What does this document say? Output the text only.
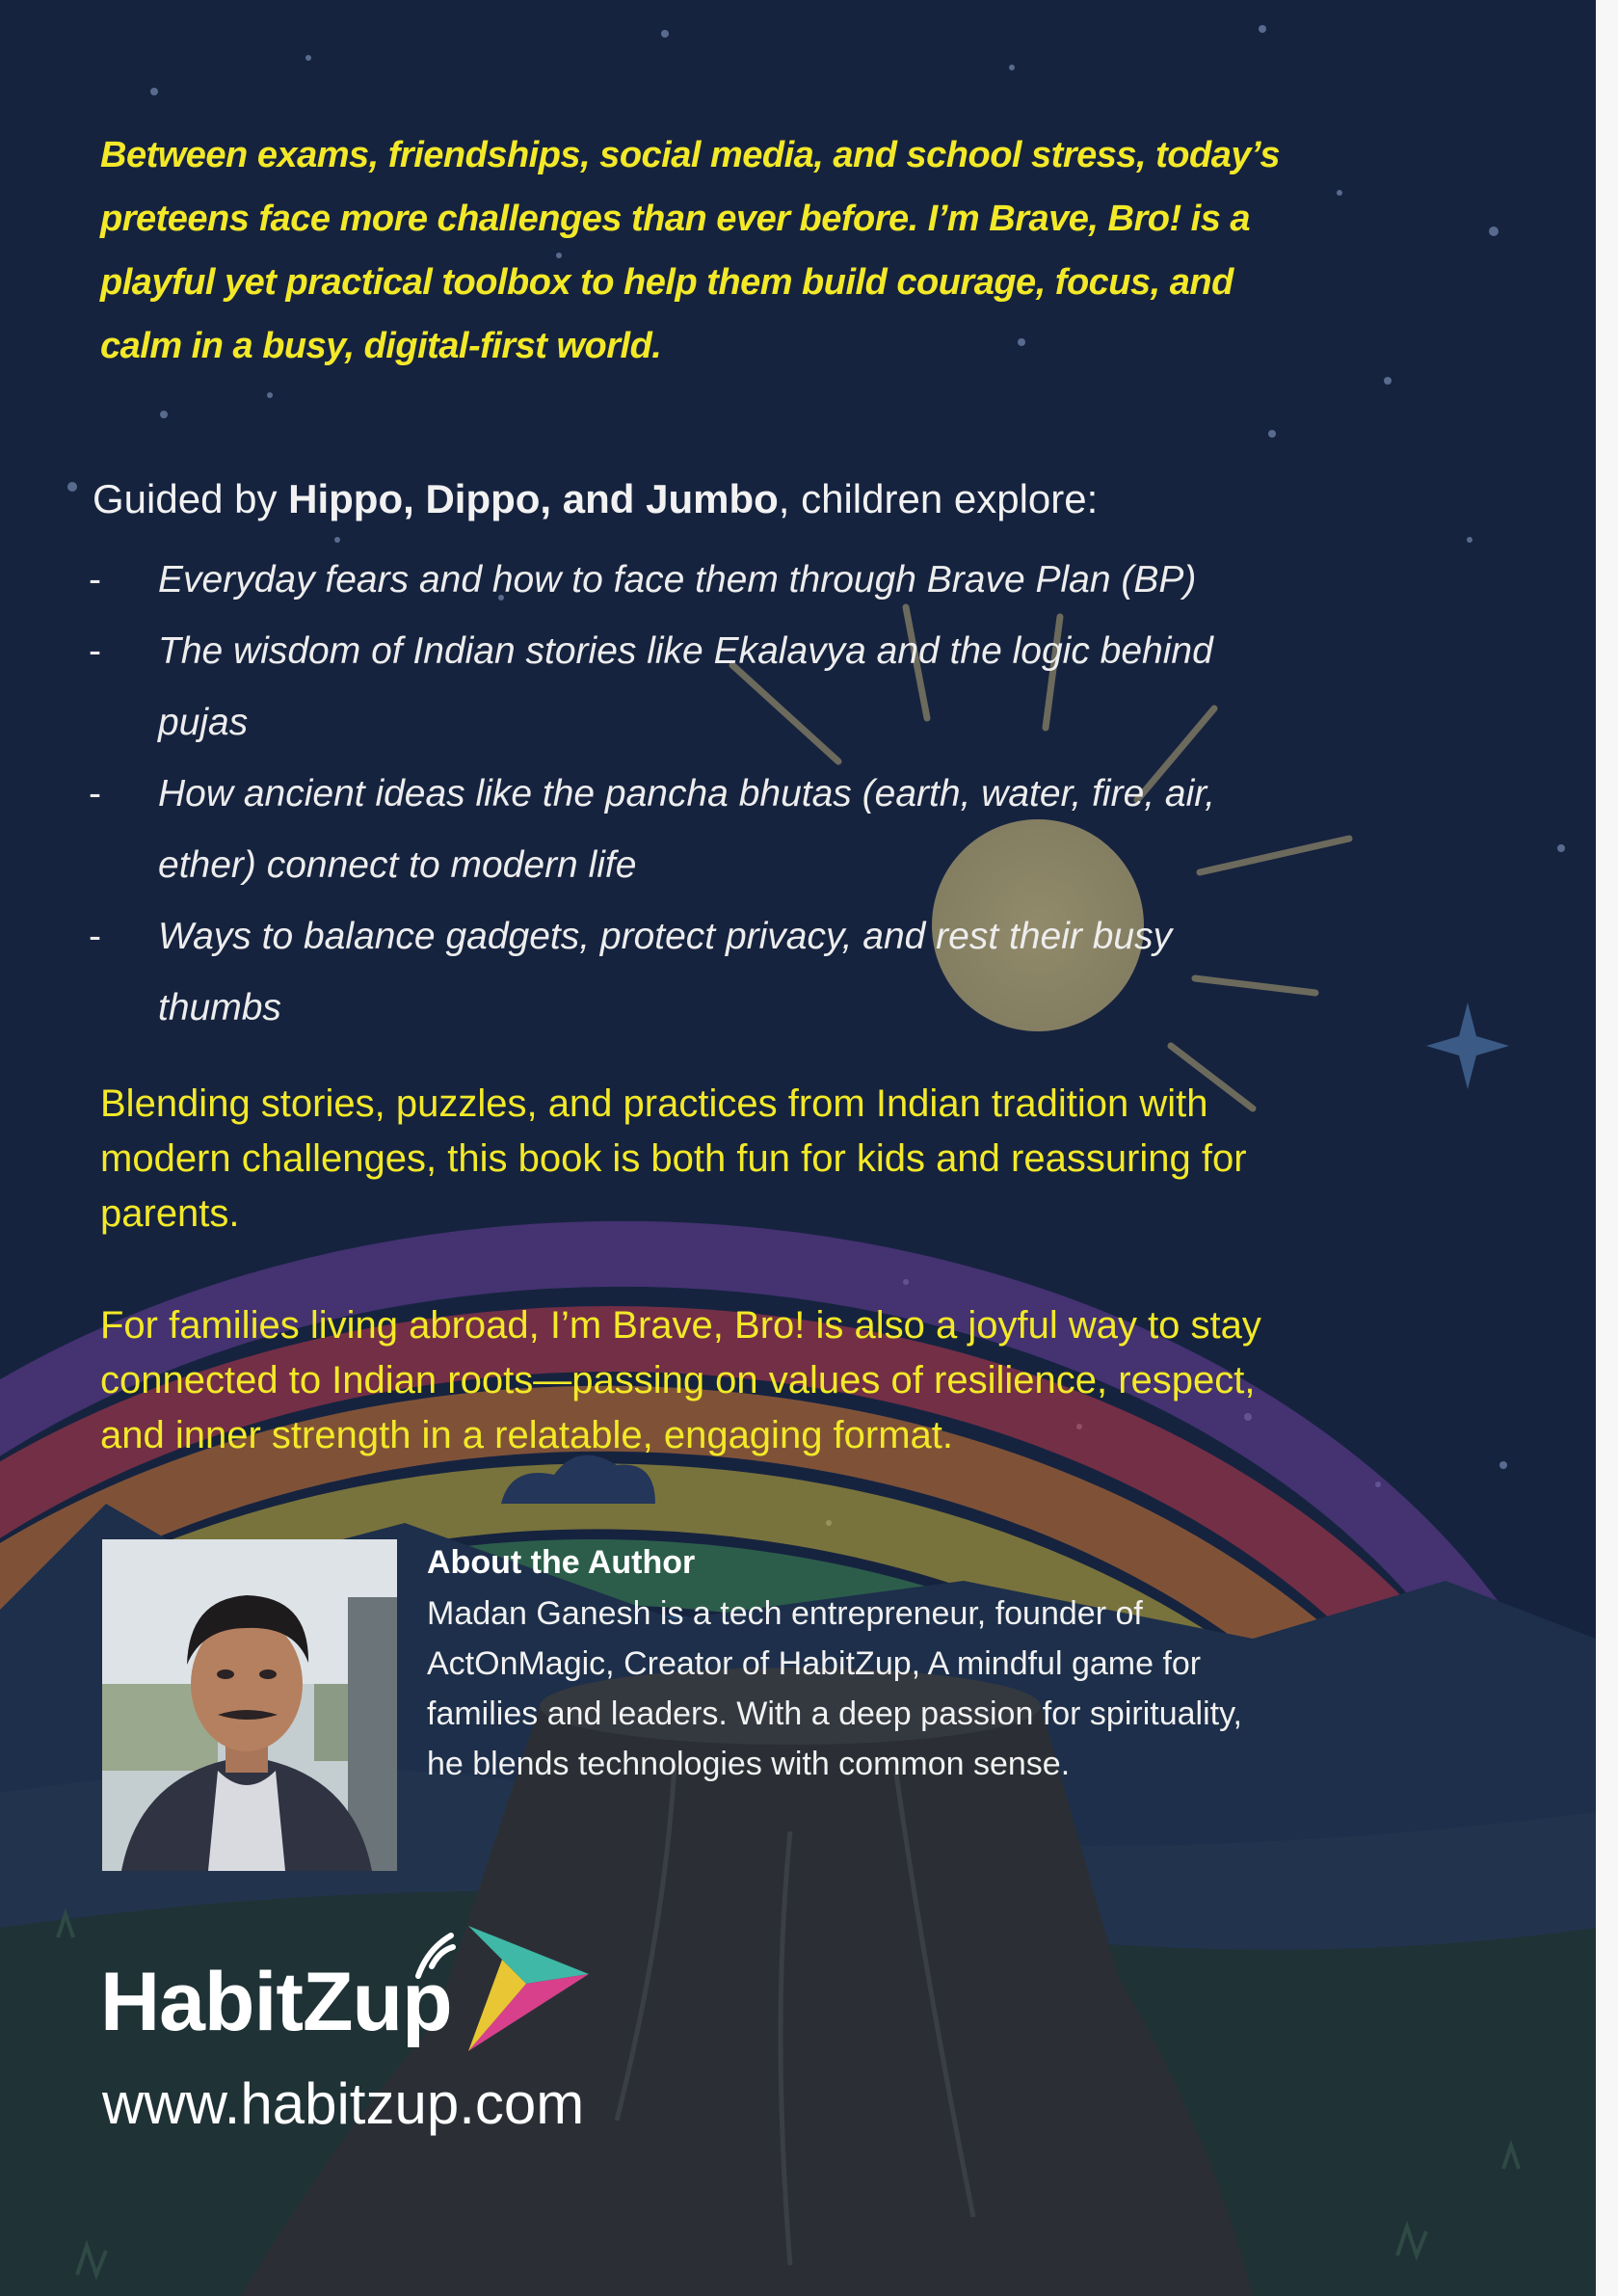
Between exams, friendships, social media, and school stress, today’s
preteens face more challenges than ever before. I’m Brave, Bro! is a
playful yet practical toolbox to help them build courage, focus, and
calm in a busy, digital-first world.
Guided by Hippo, Dippo, and Jumbo, children explore:
- Everyday fears and how to face them through Brave Plan (BP)
- The wisdom of Indian stories like Ekalavya and the logic behind
pujas
- How ancient ideas like the pancha bhutas (earth, water, fire, air,
ether) connect to modern life
- Ways to balance gadgets, protect privacy, and rest their busy
thumbs
Blending stories, puzzles, and practices from Indian tradition with
modern challenges, this book is both fun for kids and reassuring for
parents.
For families living abroad, I’m Brave, Bro! is also a joyful way to stay
connected to Indian roots—passing on values of resilience, respect,
and inner strength in a relatable, engaging format.
About the Author
Madan Ganesh is a tech entrepreneur, founder of
ActOnMagic, Creator of HabitZup, A mindful game for
families and leaders. With a deep passion for spirituality,
he blends technologies with common sense.
HabitZup
www.habitzup.com
